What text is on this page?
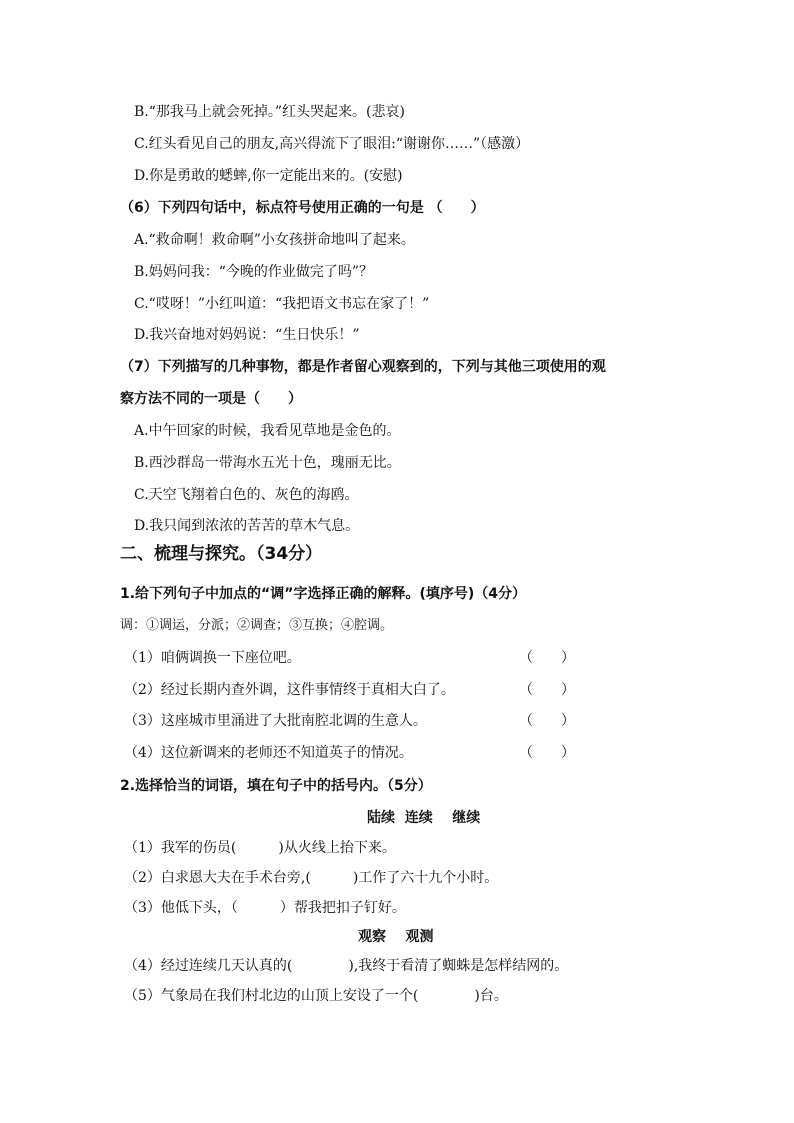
B.“那我马上就会死掉。”红头哭起来。(悲哀)
C.红头看见自己的朋友,高兴得流下了眼泪:“谢谢你……”（感激）
D.你是勇敢的蟋蟀,你一定能出来的。(安慰)
（6）下列四句话中，标点符号使用正确的一句是 （　　）
A.“救命啊！救命啊”小女孩拼命地叫了起来。
B.妈妈问我：“今晚的作业做完了吗”？
C.“哎呀！”小红叫道：“我把语文书忘在家了！”
D.我兴奋地对妈妈说：“生日快乐！”
（7）下列描写的几种事物，都是作者留心观察到的，下列与其他三项使用的观
察方法不同的一项是（　　）
A.中午回家的时候，我看见草地是金色的。
B.西沙群岛一带海水五光十色，瑰丽无比。
C.天空飞翔着白色的、灰色的海鸥。
D.我只闻到浓浓的苦苦的草木气息。
二、梳理与探究。（34分）
1.给下列句子中加点的“调”字选择正确的解释。(填序号)（4分）
调：①调运，分派；②调查；③互换；④腔调。
（1）咱俩调换一下座位吧。	（　　）
（2）经过长期内查外调，这件事情终于真相大白了。	（　　）
（3）这座城市里涌进了大批南腔北调的生意人。	（　　）
（4）这位新调来的老师还不知道英子的情况。	（　　）
2.选择恰当的词语，填在句子中的括号内。（5分）
陆续  连续    继续
（1）我军的伤员(　　　)从火线上抬下来。
（2）白求恩大夫在手术台旁,(　　　)工作了六十九个小时。
（3）他低下头，（　　　）帮我把扣子钉好。
观察    观测
（4）经过连续几天认真的(　　　　),我终于看清了蜘蛛是怎样结网的。
（5）气象局在我们村北边的山顶上安设了一个(　　　　)台。
